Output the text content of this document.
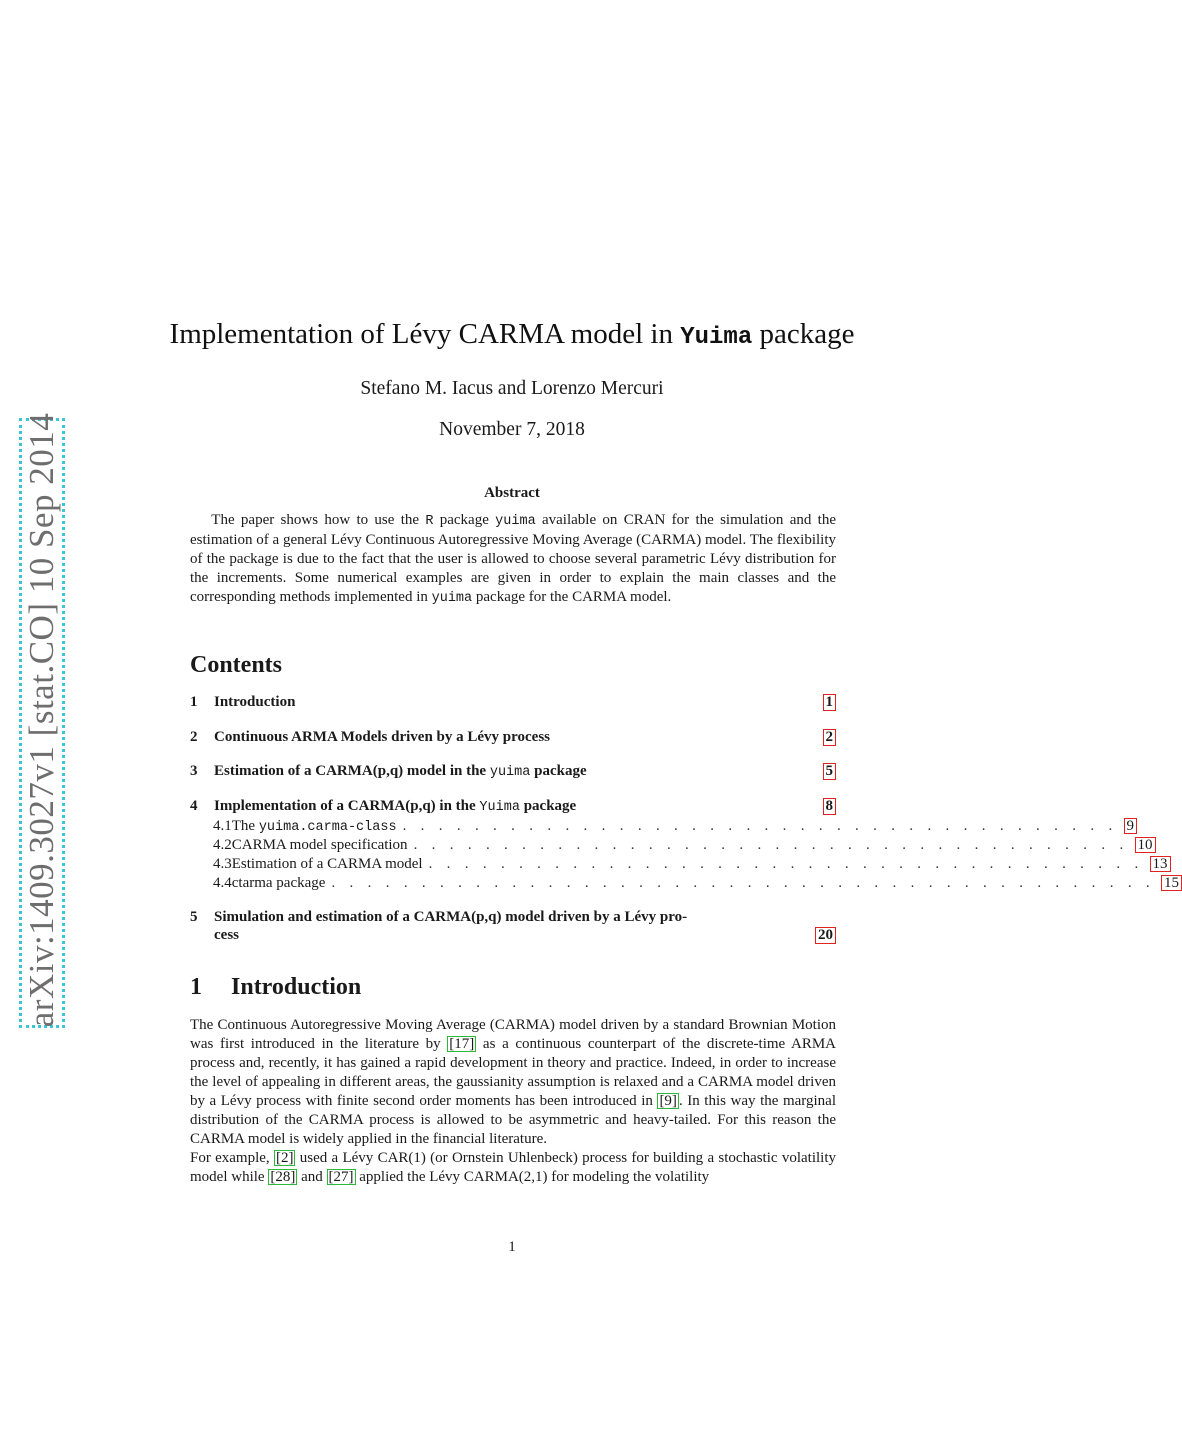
arXiv:1409.3027v1 [stat.CO] 10 Sep 2014
Implementation of Lévy CARMA model in Yuima package
Stefano M. Iacus and Lorenzo Mercuri
November 7, 2018
Abstract
  The paper shows how to use the R package yuima available on CRAN for the simulation and the estimation of a general Lévy Continuous Autoregressive Moving Average (CARMA) model. The flexibility of the package is due to the fact that the user is allowed to choose several parametric Lévy distribution for the increments. Some numerical examples are given in order to explain the main classes and the corresponding methods implemented in yuima package for the CARMA model.
Contents
1	Introduction	1
2	Continuous ARMA Models driven by a Lévy process	2
3	Estimation of a CARMA(p,q) model in the yuima package	5
4	Implementation of a CARMA(p,q) in the Yuima package	8
4.1 The yuima.carma-class . . . . . . . . . . . . . . . . . . . . . . . . . . . . . . . . . . . . . . . . 9
4.2 CARMA model specification . . . . . . . . . . . . . . . . . . . . . . . . . . . . . . . . . . . . . . . . 10
4.3 Estimation of a CARMA model . . . . . . . . . . . . . . . . . . . . . . . . . . . . . . . . . . . . . . . . 13
4.4 ctarma package . . . . . . . . . . . . . . . . . . . . . . . . . . . . . . . . . . . . . . . . . . . . . . 15
5	Simulation and estimation of a CARMA(p,q) model driven by a Lévy pro-
cess	20
1 Introduction
The Continuous Autoregressive Moving Average (CARMA) model driven by a standard Brownian Motion was first introduced in the literature by [17] as a continuous counterpart of the discrete-time ARMA process and, recently, it has gained a rapid development in theory and practice. Indeed, in order to increase the level of appealing in different areas, the gaussianity assumption is relaxed and a CARMA model driven by a Lévy process with finite second order moments has been introduced in [9] . In this way the marginal distribution of the CARMA process is allowed to be asymmetric and heavy-tailed. For this reason the CARMA model is widely applied in the financial literature.
For example, [2] used a Lévy CAR(1) (or Ornstein Uhlenbeck) process for building a stochastic volatility model while [28] and [27] applied the Lévy CARMA(2,1) for modeling the volatility
1
